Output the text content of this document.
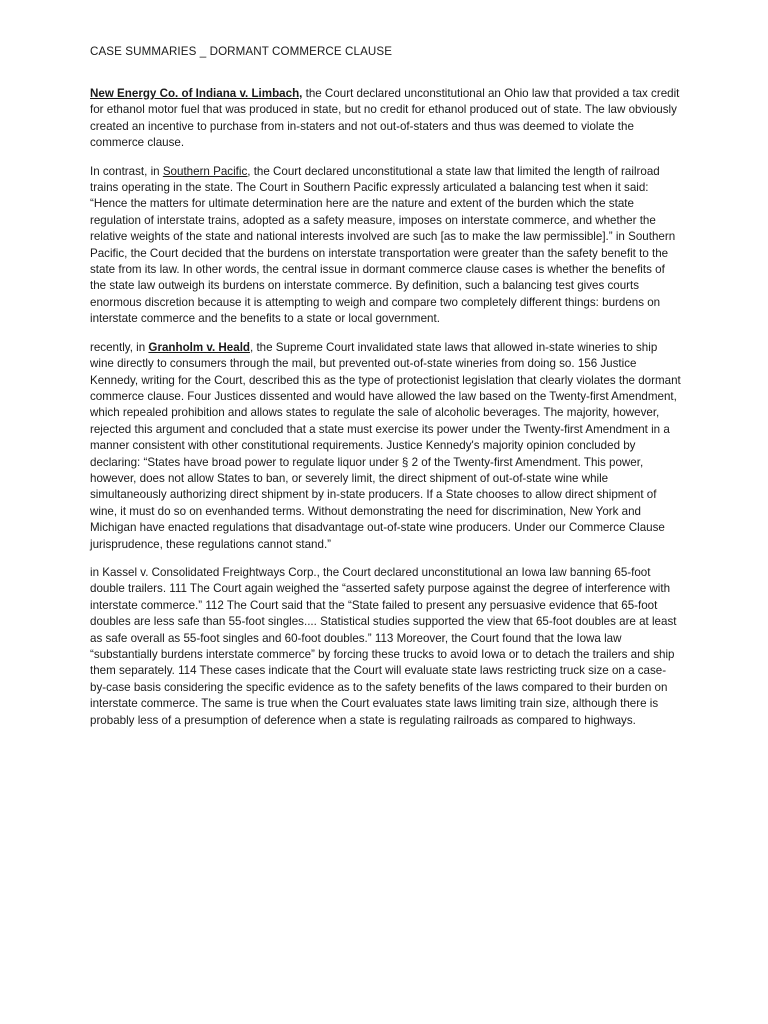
CASE SUMMARIES _ DORMANT COMMERCE CLAUSE

New Energy Co. of Indiana v. Limbach, the Court declared unconstitutional an Ohio law that provided a tax credit for ethanol motor fuel that was produced in state, but no credit for ethanol produced out of state. The law obviously created an incentive to purchase from in-staters and not out-of-staters and thus was deemed to violate the commerce clause.

In contrast, in Southern Pacific, the Court declared unconstitutional a state law that limited the length of railroad trains operating in the state. The Court in Southern Pacific expressly articulated a balancing test when it said: “Hence the matters for ultimate determination here are the nature and extent of the burden which the state regulation of interstate trains, adopted as a safety measure, imposes on interstate commerce, and whether the relative weights of the state and national interests involved are such [as to make the law permissible].” in Southern Pacific, the Court decided that the burdens on interstate transportation were greater than the safety benefit to the state from its law. In other words, the central issue in dormant commerce clause cases is whether the benefits of the state law outweigh its burdens on interstate commerce. By definition, such a balancing test gives courts enormous discretion because it is attempting to weigh and compare two completely different things: burdens on interstate commerce and the benefits to a state or local government.

recently, in Granholm v. Heald, the Supreme Court invalidated state laws that allowed in-state wineries to ship wine directly to consumers through the mail, but prevented out-of-state wineries from doing so. 156 Justice Kennedy, writing for the Court, described this as the type of protectionist legislation that clearly violates the dormant commerce clause. Four Justices dissented and would have allowed the law based on the Twenty-first Amendment, which repealed prohibition and allows states to regulate the sale of alcoholic beverages. The majority, however, rejected this argument and concluded that a state must exercise its power under the Twenty-first Amendment in a manner consistent with other constitutional requirements. Justice Kennedy's majority opinion concluded by declaring: “States have broad power to regulate liquor under § 2 of the Twenty-first Amendment. This power, however, does not allow States to ban, or severely limit, the direct shipment of out-of-state wine while simultaneously authorizing direct shipment by in-state producers. If a State chooses to allow direct shipment of wine, it must do so on evenhanded terms. Without demonstrating the need for discrimination, New York and Michigan have enacted regulations that disadvantage out-of-state wine producers. Under our Commerce Clause jurisprudence, these regulations cannot stand.”

in Kassel v. Consolidated Freightways Corp., the Court declared unconstitutional an Iowa law banning 65-foot double trailers. 111 The Court again weighed the “asserted safety purpose against the degree of interference with interstate commerce.” 112 The Court said that the “State failed to present any persuasive evidence that 65-foot doubles are less safe than 55-foot singles.... Statistical studies supported the view that 65-foot doubles are at least as safe overall as 55-foot singles and 60-foot doubles.” 113 Moreover, the Court found that the Iowa law “substantially burdens interstate commerce” by forcing these trucks to avoid Iowa or to detach the trailers and ship them separately. 114 These cases indicate that the Court will evaluate state laws restricting truck size on a case-by-case basis considering the specific evidence as to the safety benefits of the laws compared to their burden on interstate commerce. The same is true when the Court evaluates state laws limiting train size, although there is probably less of a presumption of deference when a state is regulating railroads as compared to highways.
